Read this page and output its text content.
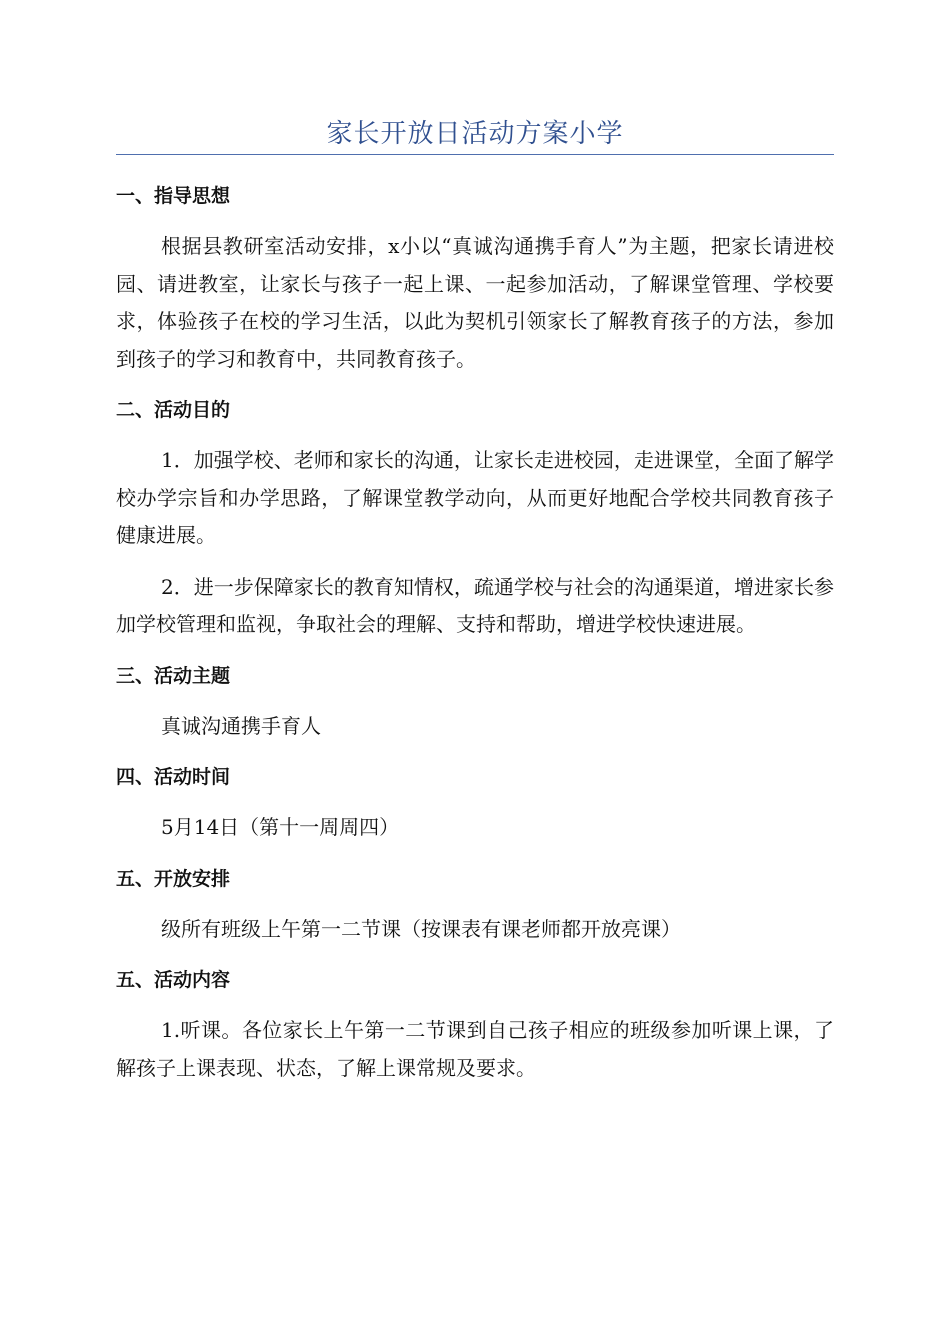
家长开放日活动方案小学
一、指导思想

根据县教研室活动安排，x小以“真诚沟通携手育人”为主题，把家长请进校园、请进教室，让家长与孩子一起上课、一起参加活动，了解课堂管理、学校要求，体验孩子在校的学习生活，以此为契机引领家长了解教育孩子的方法，参加到孩子的学习和教育中，共同教育孩子。

二、活动目的

1．加强学校、老师和家长的沟通，让家长走进校园，走进课堂，全面了解学校办学宗旨和办学思路，了解课堂教学动向，从而更好地配合学校共同教育孩子健康进展。

2．进一步保障家长的教育知情权，疏通学校与社会的沟通渠道，增进家长参加学校管理和监视，争取社会的理解、支持和帮助，增进学校快速进展。

三、活动主题

真诚沟通携手育人

四、活动时间

5月14日（第十一周周四）

五、开放安排

级所有班级上午第一二节课（按课表有课老师都开放亮课）

五、活动内容

1.听课。各位家长上午第一二节课到自己孩子相应的班级参加听课上课，了解孩子上课表现、状态，了解上课常规及要求。
